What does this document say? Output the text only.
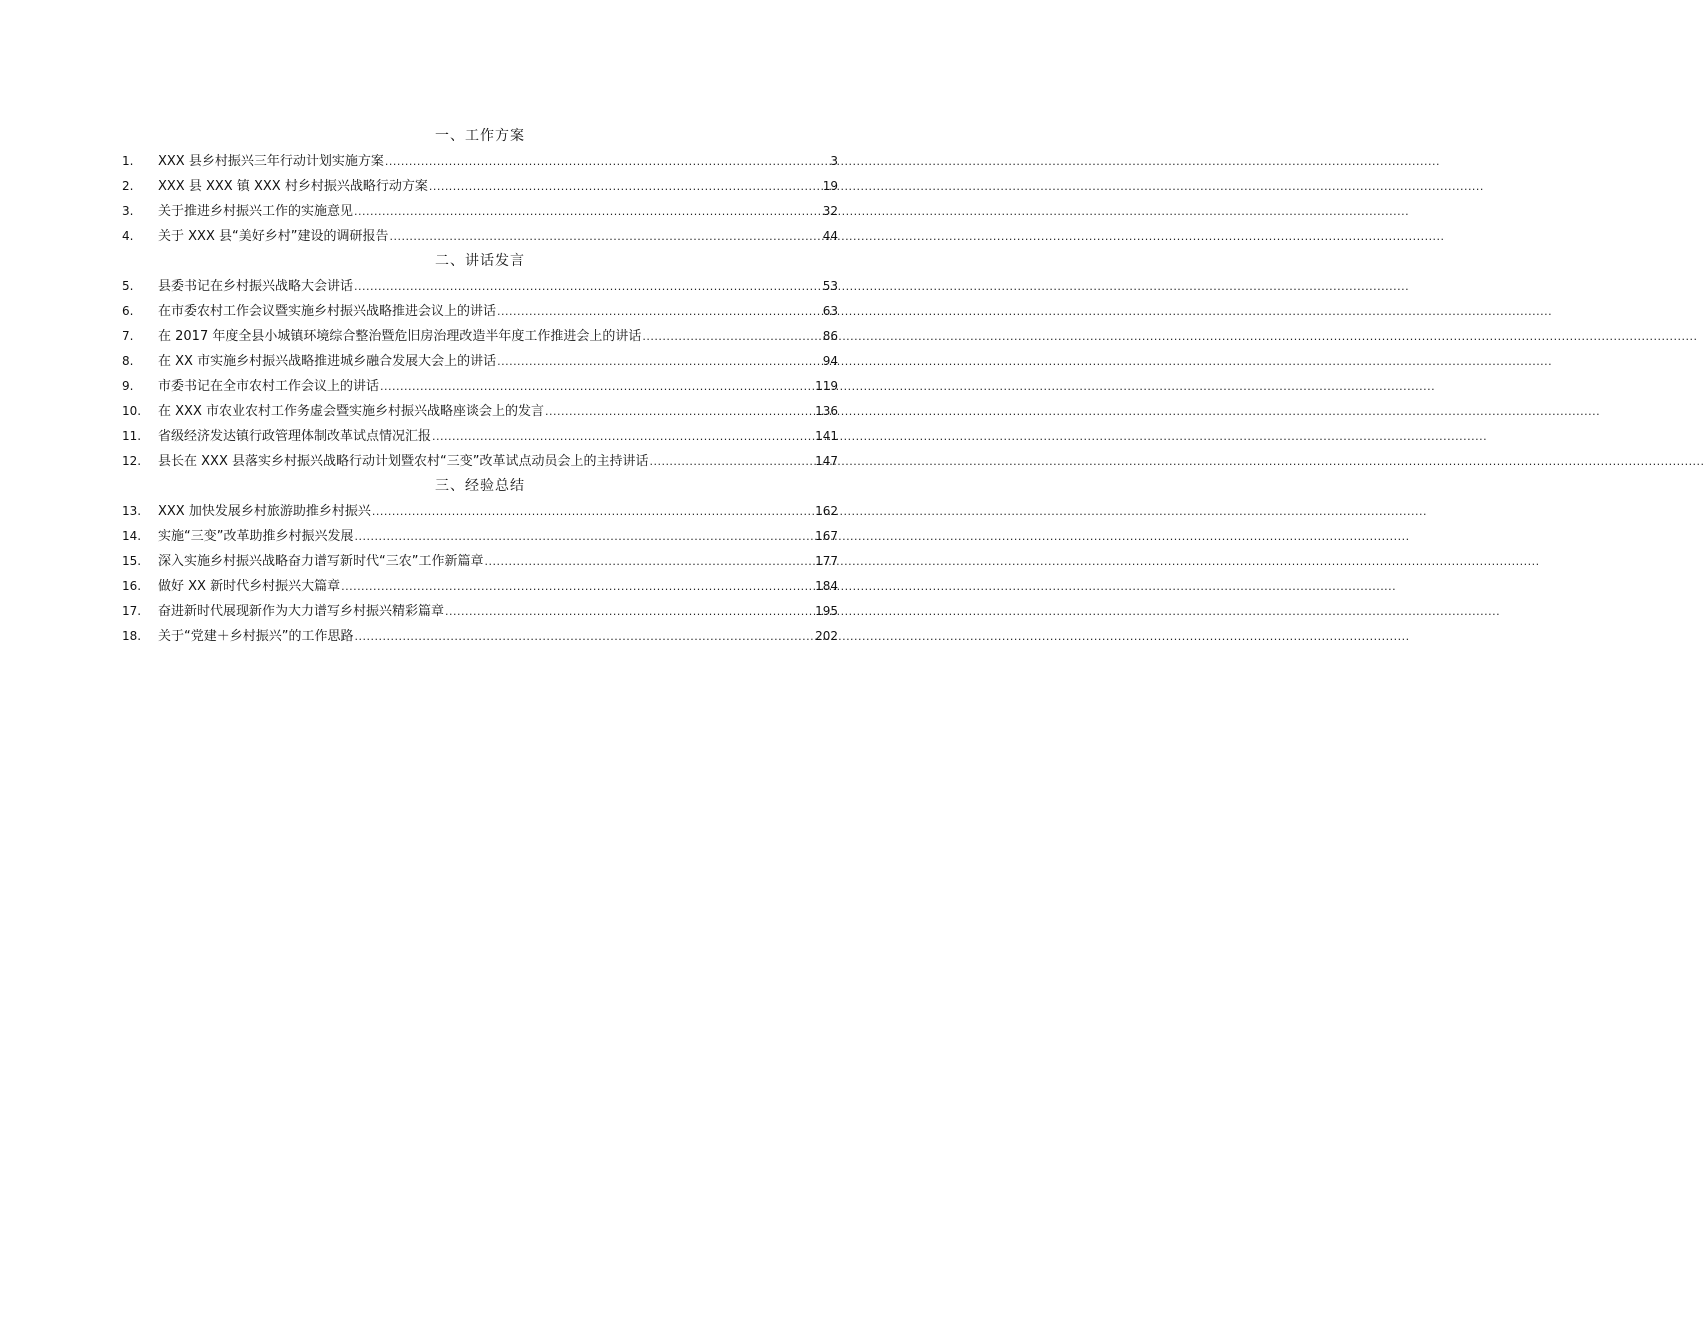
一、工作方案
1.	XXX 县乡村振兴三年行动计划实施方案 .....	3
2.	XXX 县 XXX 镇 XXX 村乡村振兴战略行动方案 .....	19
3.	关于推进乡村振兴工作的实施意见 .....	32
4.	关于 XXX 县“美好乡村”建设的调研报告 .....	44
二、讲话发言
5.	县委书记在乡村振兴战略大会讲话 .....	53
6.	在市委农村工作会议暨实施乡村振兴战略推进会议上的讲话 .....	63
7.	在 2017 年度全县小城镇环境综合整治暨危旧房治理改造半年度工作推进会上的讲话 .....	86
8.	在 XX 市实施乡村振兴战略推进城乡融合发展大会上的讲话 .....	94
9.	市委书记在全市农村工作会议上的讲话 .....	119
10.	在 XXX 市农业农村工作务虚会暨实施乡村振兴战略座谈会上的发言 .....	136
11.	省级经济发达镇行政管理体制改革试点情况汇报 .....	141
12.	县长在 XXX 县落实乡村振兴战略行动计划暨农村“三变”改革试点动员会上的主持讲话 .....	147
三、经验总结
13.	XXX 加快发展乡村旅游助推乡村振兴 .....	162
14.	实施“三变”改革助推乡村振兴发展 .....	167
15.	深入实施乡村振兴战略奋力谱写新时代“三农”工作新篇章 .....	177
16.	做好 XX 新时代乡村振兴大篇章 .....	184
17.	奋进新时代展现新作为大力谱写乡村振兴精彩篇章 .....	195
18.	关于“党建＋乡村振兴”的工作思路 .....	202
